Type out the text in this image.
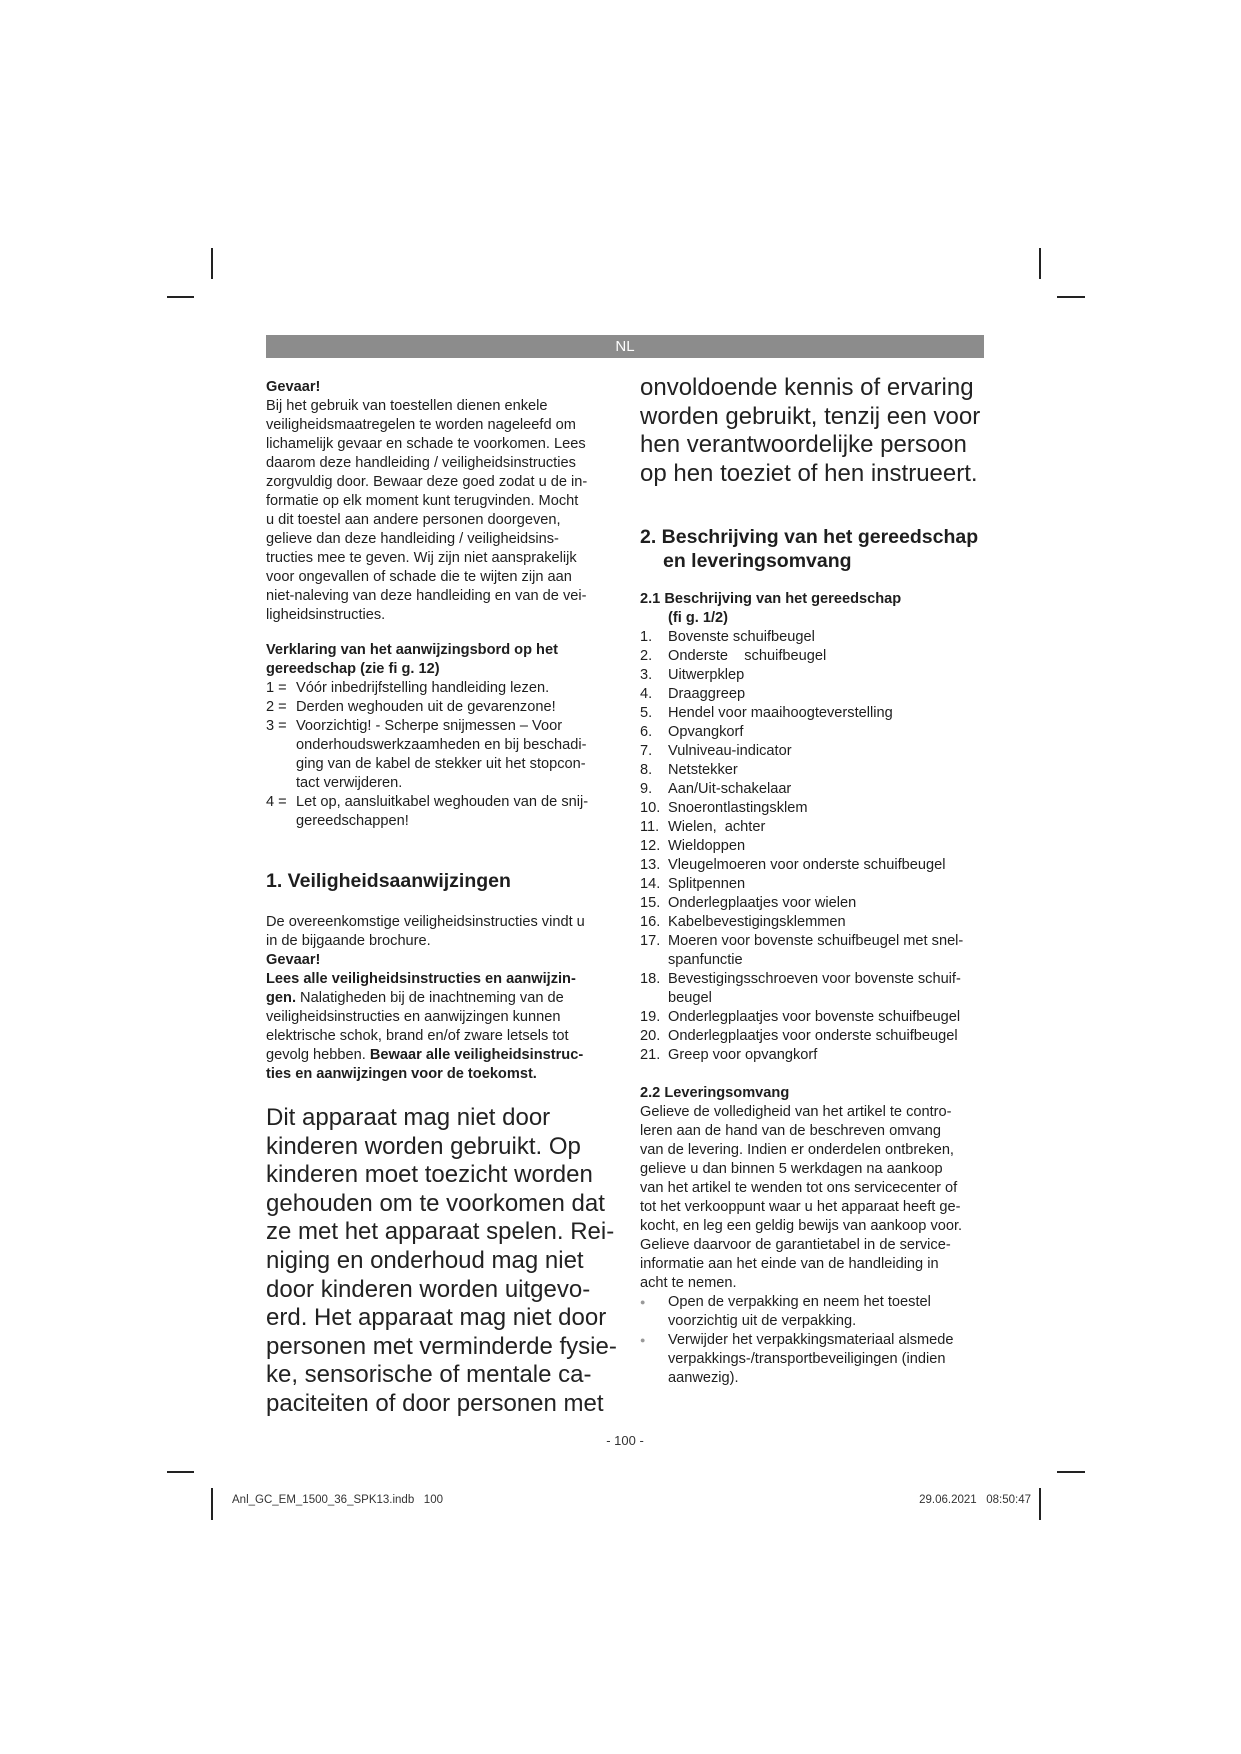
NL
Gevaar!
Bij het gebruik van toestellen dienen enkele
veiligheidsmaatregelen te worden nageleefd om
lichamelijk gevaar en schade te voorkomen. Lees
daarom deze handleiding / veiligheidsinstructies
zorgvuldig door. Bewaar deze goed zodat u de in-
formatie op elk moment kunt terugvinden. Mocht
u dit toestel aan andere personen doorgeven,
gelieve dan deze handleiding / veiligheidsins-
tructies mee te geven. Wij zijn niet aansprakelijk
voor ongevallen of schade die te wijten zijn aan
niet-naleving van deze handleiding en van de vei-
ligheidsinstructies.
Verklaring van het aanwijzingsbord op het
gereedschap (zie fi g. 12)
1 = Vóór inbedrijfstelling handleiding lezen.
2 = Derden weghouden uit de gevarenzone!
3 = Voorzichtig! - Scherpe snijmessen – Voor
onderhoudswerkzaamheden en bij beschadi-
ging van de kabel de stekker uit het stopcon-
tact verwijderen.
4 = Let op, aansluitkabel weghouden van de snij-
gereedschappen!
1. Veiligheidsaanwijzingen
De overeenkomstige veiligheidsinstructies vindt u
in de bijgaande brochure.
Gevaar!
Lees alle veiligheidsinstructies en aanwijzin-
gen. Nalatigheden bij de inachtneming van de
veiligheidsinstructies en aanwijzingen kunnen
elektrische schok, brand en/of zware letsels tot
gevolg hebben. Bewaar alle veiligheidsinstruc-
ties en aanwijzingen voor de toekomst.
Dit apparaat mag niet door
kinderen worden gebruikt. Op
kinderen moet toezicht worden
gehouden om te voorkomen dat
ze met het apparaat spelen. Rei-
niging en onderhoud mag niet
door kinderen worden uitgevo-
erd. Het apparaat mag niet door
personen met verminderde fysie-
ke, sensorische of mentale ca-
paciteiten of door personen met
onvoldoende kennis of ervaring
worden gebruikt, tenzij een voor
hen verantwoordelijke persoon
op hen toeziet of hen instrueert.
2. Beschrijving van het gereedschap
en leveringsomvang
2.1 Beschrijving van het gereedschap
(fi g. 1/2)
1.	Bovenste schuifbeugel
2.	Onderste    schuifbeugel
3.	Uitwerpklep
4.	Draaggreep
5.	Hendel voor maaihoogteverstelling
6.	Opvangkorf
7.	Vulniveau-indicator
8.	Netstekker
9.	Aan/Uit-schakelaar
10. Snoerontlastingsklem
11. Wielen,  achter
12. Wieldoppen
13. Vleugelmoeren voor onderste schuifbeugel
14. Splitpennen
15. Onderlegplaatjes voor wielen
16. Kabelbevestigingsklemmen
17. Moeren voor bovenste schuifbeugel met snel-
spanfunctie
18. Bevestigingsschroeven voor bovenste schuif-
beugel
19. Onderlegplaatjes voor bovenste schuifbeugel
20. Onderlegplaatjes voor onderste schuifbeugel
21. Greep voor opvangkorf
2.2 Leveringsomvang
Gelieve de volledigheid van het artikel te contro-
leren aan de hand van de beschreven omvang
van de levering. Indien er onderdelen ontbreken,
gelieve u dan binnen 5 werkdagen na aankoop
van het artikel te wenden tot ons servicecenter of
tot het verkooppunt waar u het apparaat heeft ge-
kocht, en leg een geldig bewijs van aankoop voor.
Gelieve daarvoor de garantietabel in de service-
informatie aan het einde van de handleiding in
acht te nemen.
●	Open de verpakking en neem het toestel
voorzichtig uit de verpakking.
●	Verwijder het verpakkingsmateriaal alsmede
verpakkings-/transportbeveiligingen (indien
aanwezig).
- 100 -
Anl_GC_EM_1500_36_SPK13.indb   100	29.06.2021   08:50:47
